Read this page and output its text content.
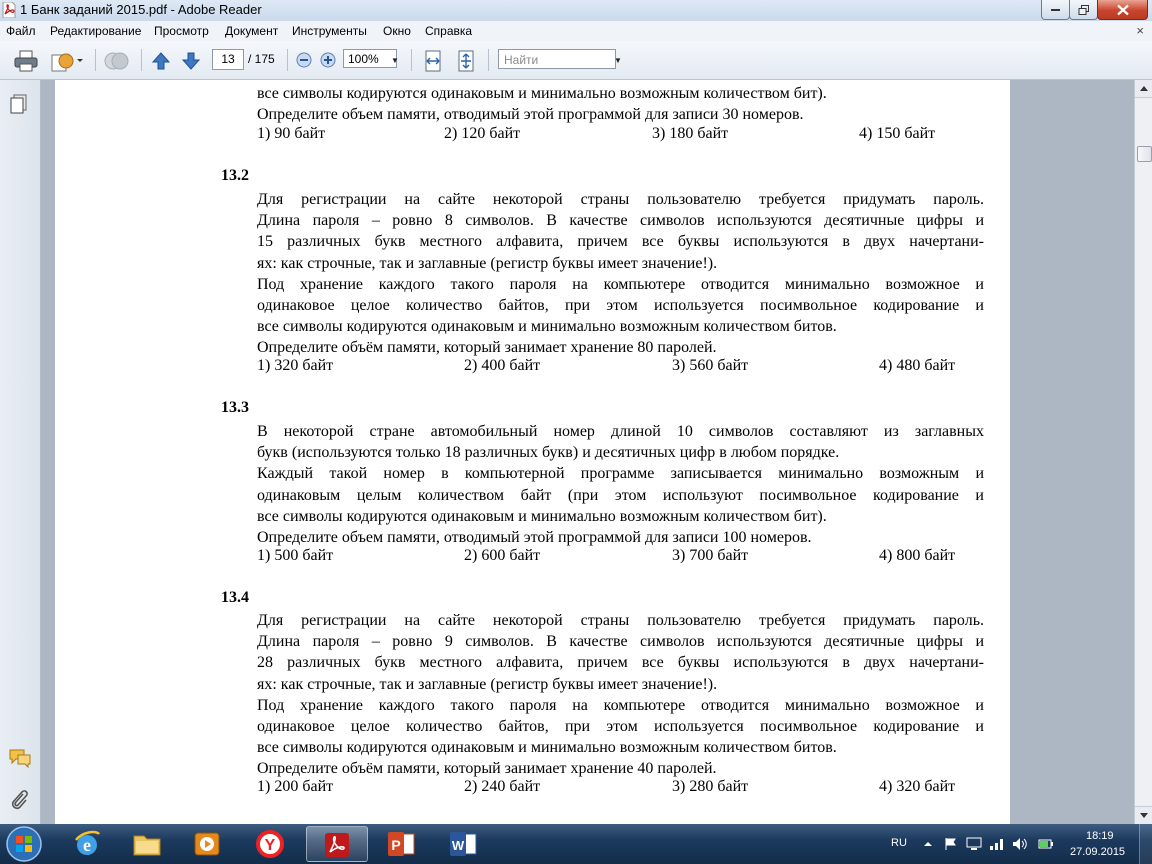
1 Банк заданий 2015.pdf - Adobe Reader
Файл Редактирование Просмотр Документ Инструменты Окно Справка	×
13	/ 175	100%	▼	Найти	▼
все символы кодируются одинаковым и минимально возможным количеством бит).
Определите объем памяти, отводимый этой программой для записи 30 номеров.
1) 90 байт	2) 120 байт	3) 180 байт	4) 150 байт
13.2
Для регистрации на сайте некоторой страны пользователю требуется придумать пароль.
Длина пароля – ровно 8 символов. В качестве символов используются десятичные цифры и
15 различных букв местного алфавита, причем все буквы используются в двух начертани-
ях: как строчные, так и заглавные (регистр буквы имеет значение!).
Под хранение каждого такого пароля на компьютере отводится минимально возможное и
одинаковое целое количество байтов, при этом используется посимвольное кодирование и
все символы кодируются одинаковым и минимально возможным количеством битов.
Определите объём памяти, который занимает хранение 80 паролей.
1) 320 байт	2) 400 байт	3) 560 байт	4) 480 байт
13.3
В некоторой стране автомобильный номер длиной 10 символов составляют из заглавных
букв (используются только 18 различных букв) и десятичных цифр в любом порядке.
Каждый такой номер в компьютерной программе записывается минимально возможным и
одинаковым целым количеством байт (при этом используют посимвольное кодирование и
все символы кодируются одинаковым и минимально возможным количеством бит).
Определите объем памяти, отводимый этой программой для записи 100 номеров.
1) 500 байт	2) 600 байт	3) 700 байт	4) 800 байт
13.4
Для регистрации на сайте некоторой страны пользователю требуется придумать пароль.
Длина пароля – ровно 9 символов. В качестве символов используются десятичные цифры и
28 различных букв местного алфавита, причем все буквы используются в двух начертани-
ях: как строчные, так и заглавные (регистр буквы имеет значение!).
Под хранение каждого такого пароля на компьютере отводится минимально возможное и
одинаковое целое количество байтов, при этом используется посимвольное кодирование и
все символы кодируются одинаковым и минимально возможным количеством битов.
Определите объём памяти, который занимает хранение 40 паролей.
1) 200 байт	2) 240 байт	3) 280 байт	4) 320 байт
e	Y	P	W	RU
18:19
27.09.2015
